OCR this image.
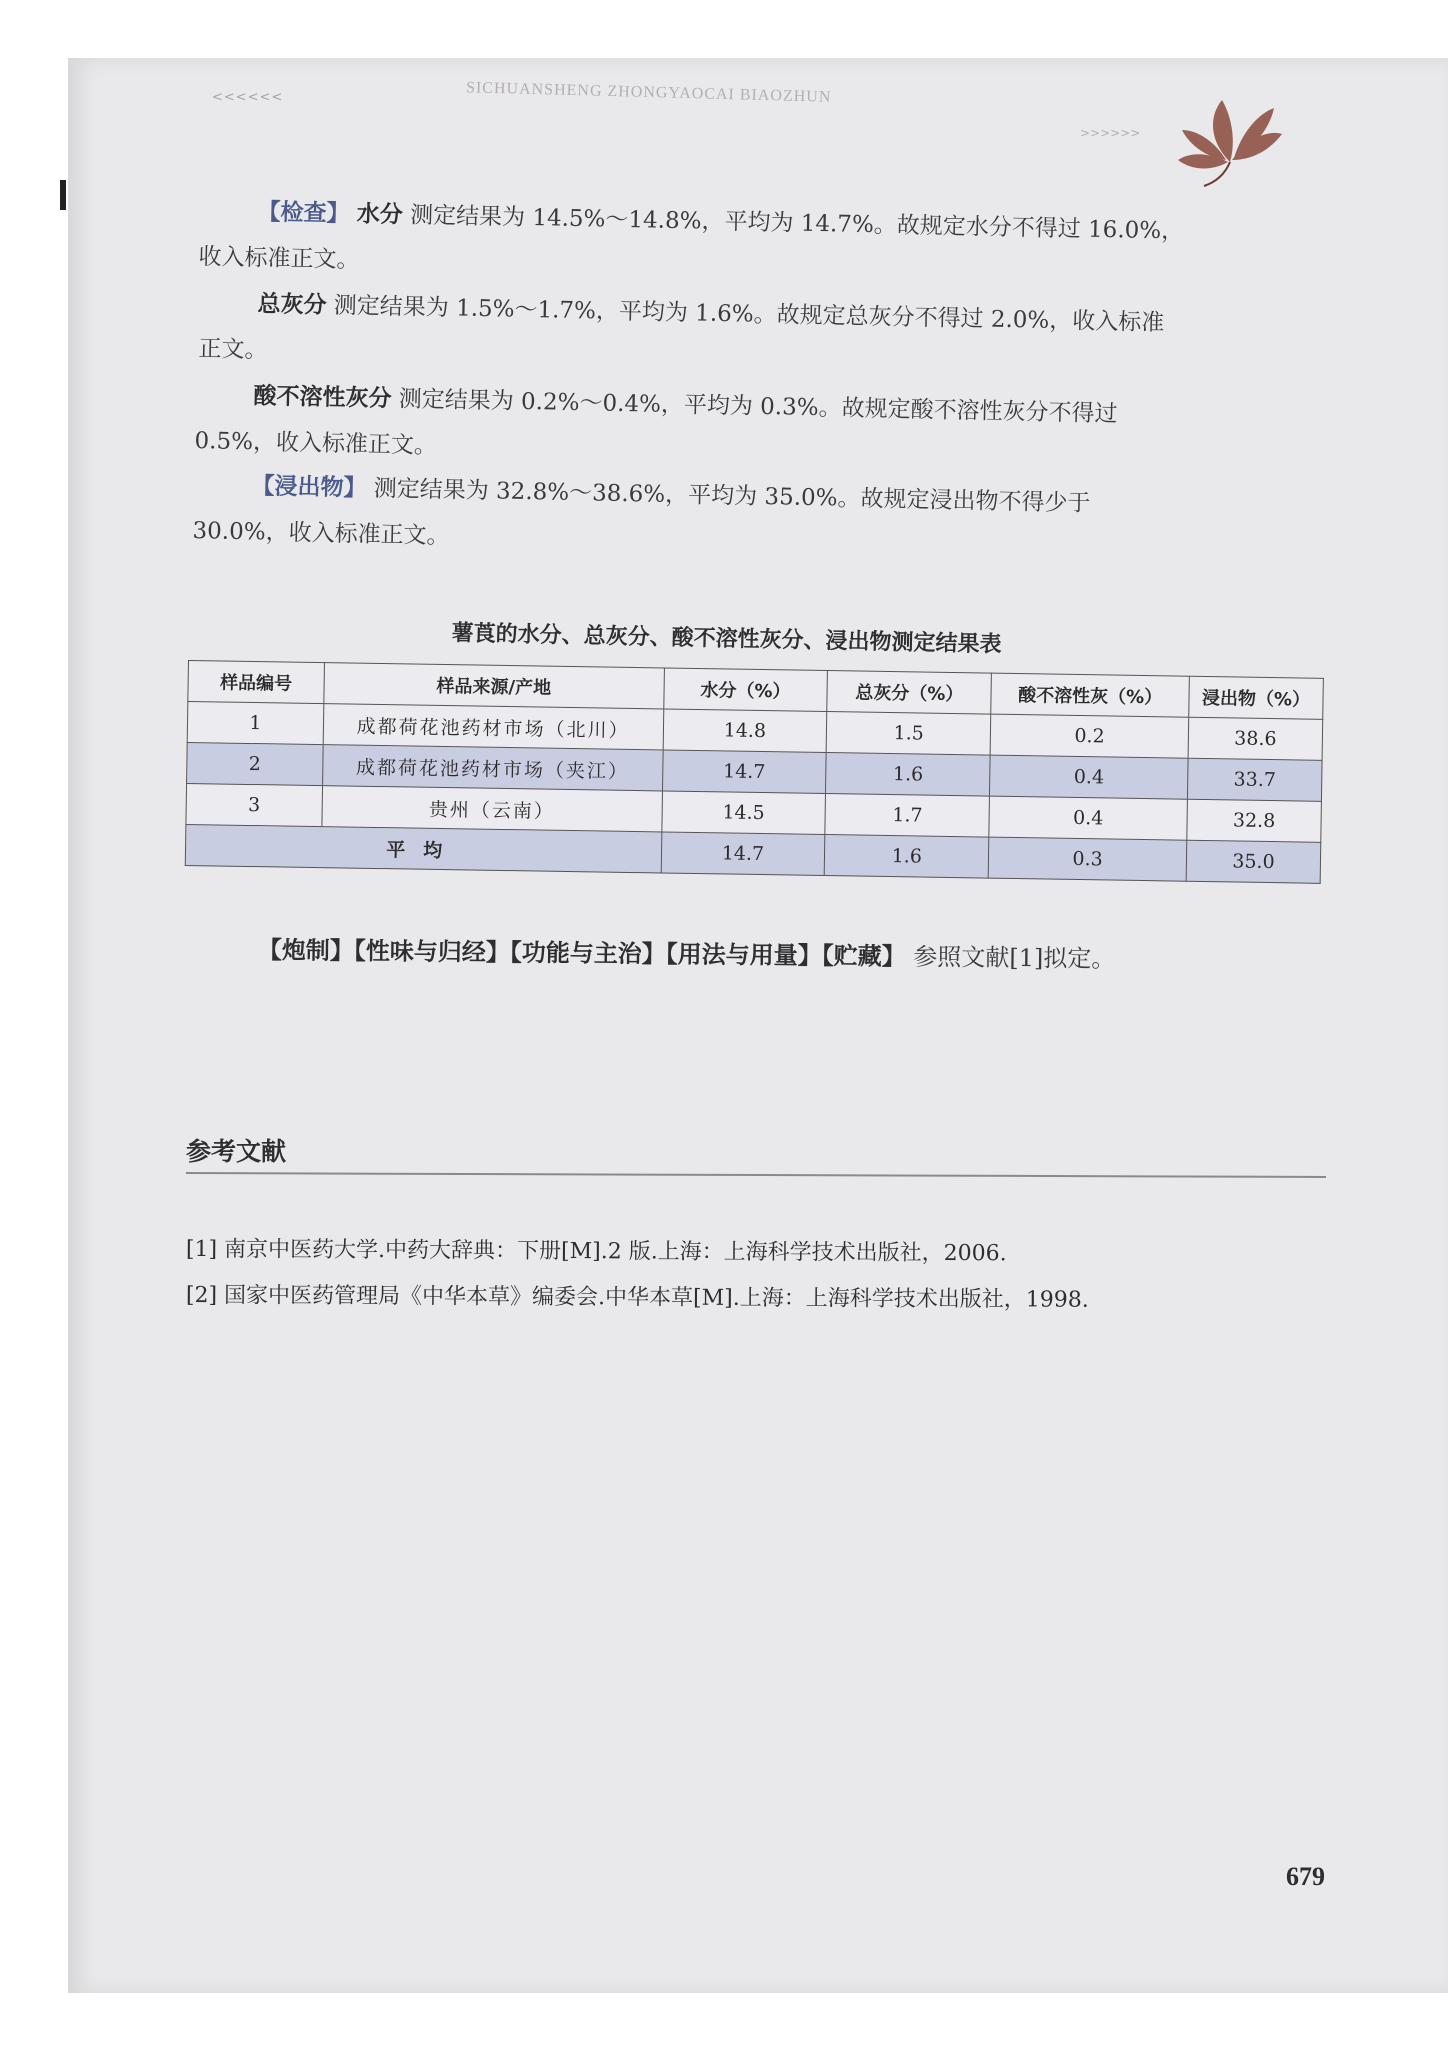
<<<<<<	SICHUANSHENG ZHONGYAOCAI BIAOZHUN
>>>>>>
【检查】 水分 测定结果为 14.5%～14.8%，平均为 14.7%。故规定水分不得过 16.0%，
收入标准正文。
总灰分 测定结果为 1.5%～1.7%，平均为 1.6%。故规定总灰分不得过 2.0%，收入标准
正文。
酸不溶性灰分 测定结果为 0.2%～0.4%，平均为 0.3%。故规定酸不溶性灰分不得过
0.5%，收入标准正文。
【浸出物】 测定结果为 32.8%～38.6%，平均为 35.0%。故规定浸出物不得少于
30.0%，收入标准正文。
薯莨的水分、总灰分、酸不溶性灰分、浸出物测定结果表
样品编号	样品来源/产地	水分（%）	总灰分（%）	酸不溶性灰（%）	浸出物（%）
1	成都荷花池药材市场（北川）	14.8	1.5	0.2	38.6
2	成都荷花池药材市场（夹江）	14.7	1.6	0.4	33.7
3	贵州（云南）	14.5	1.7	0.4	32.8
平均		14.7	1.6	0.3	35.0
【炮制】【性味与归经】【功能与主治】【用法与用量】【贮藏】 参照文献[1]拟定。
参考文献
[1] 南京中医药大学.中药大辞典：下册[M].2 版.上海：上海科学技术出版社，2006.
[2] 国家中医药管理局《中华本草》编委会.中华本草[M].上海：上海科学技术出版社，1998.
679
